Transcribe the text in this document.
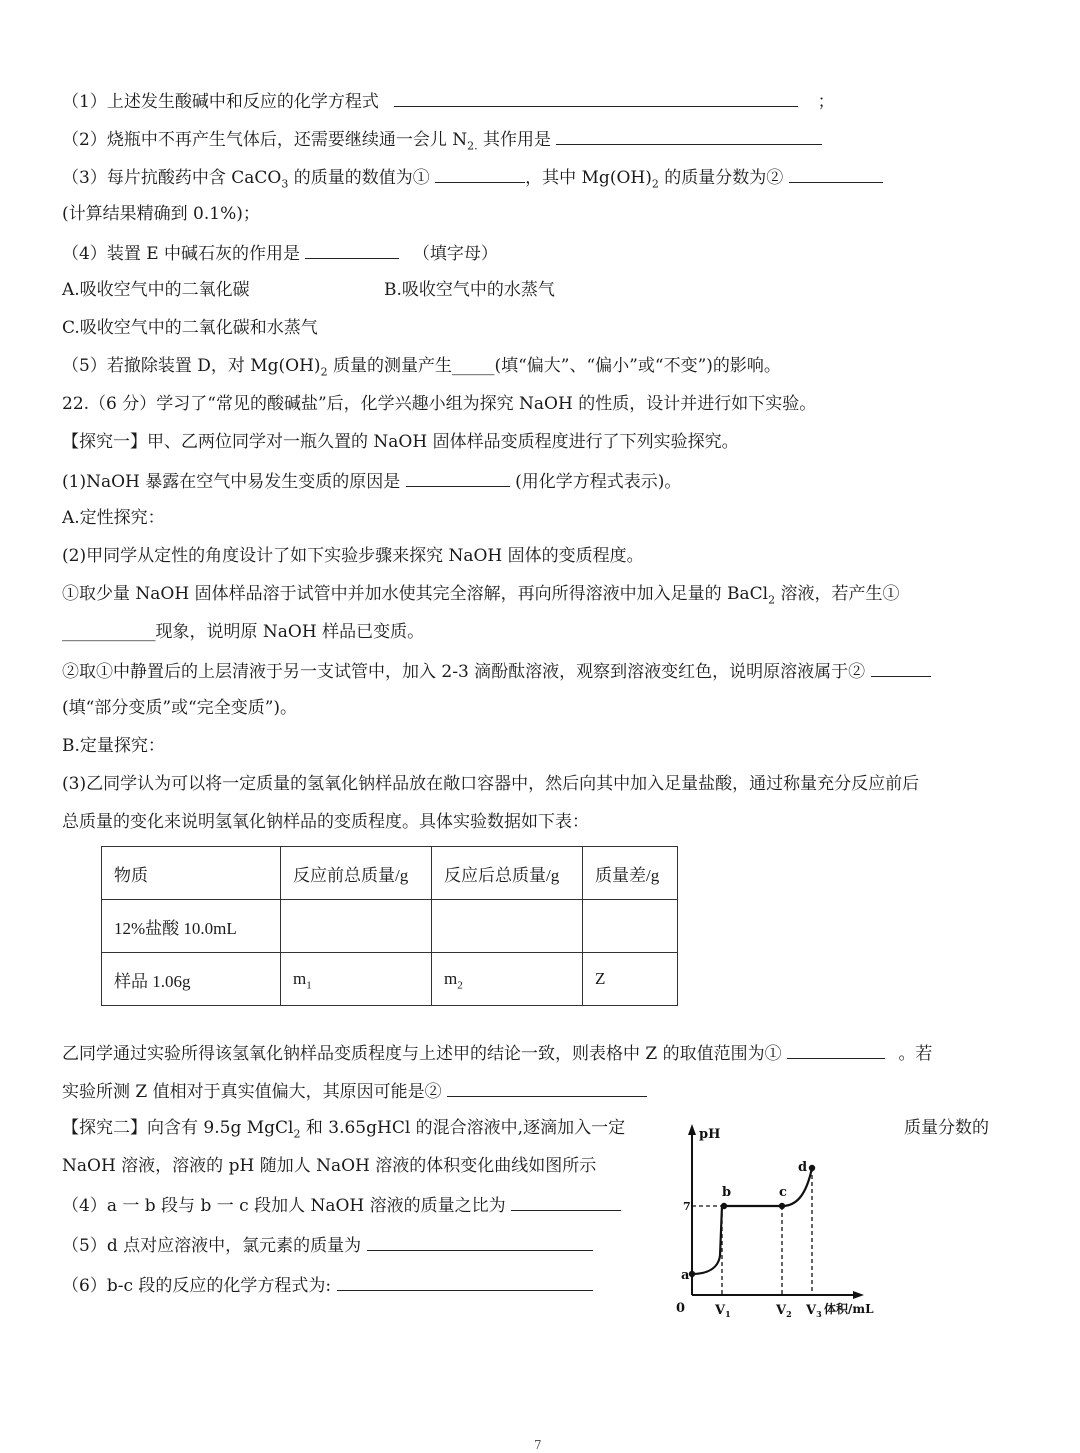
（1）上述发生酸碱中和反应的化学方程式	；
（2）烧瓶中不再产生气体后，还需要继续通一会儿 $N_{2.}$ 其作用是
（3）每片抗酸药中含 CaCO$_3$ 的质量的数值为①	，其中 $Mg(OH)_2$ 的质量分数为②
(计算结果精确到 0.1%)；
（4）装置 E 中碱石灰的作用是	（填字母）
A.吸收空气中的二氧化碳	B.吸收空气中的水蒸气
C.吸收空气中的二氧化碳和水蒸气
（5）若撤除装置 D，对 $Mg(OH)_2$ 质量的测量产生_____(填“偏大”、“偏小”或“不变”)的影响。
22.（6 分）学习了“常见的酸碱盐”后，化学兴趣小组为探究 NaOH 的性质，设计并进行如下实验。
【探究一】甲、乙两位同学对一瓶久置的 NaOH 固体样品变质程度进行了下列实验探究。
(1)NaOH 暴露在空气中易发生变质的原因是	(用化学方程式表示)。
A.定性探究：
(2)甲同学从定性的角度设计了如下实验步骤来探究 NaOH 固体的变质程度。
①取少量 NaOH 固体样品溶于试管中并加水使其完全溶解，再向所得溶液中加入足量的 BaCl$_2$ 溶液，若产生①
___________现象，说明原 NaOH 样品已变质。
②取①中静置后的上层清液于另一支试管中，加入 2-3 滴酚酞溶液，观察到溶液变红色，说明原溶液属于②
(填“部分变质”或“完全变质”)。
B.定量探究：
(3)乙同学认为可以将一定质量的氢氧化钠样品放在敞口容器中，然后向其中加入足量盐酸，通过称量充分反应前后
总质量的变化来说明氢氧化钠样品的变质程度。具体实验数据如下表：
物质	反应前总质量/g	反应后总质量/g	质量差/g
12%盐酸 10.0mL			
样品 1.06g	$m_1$	$m_2$	Z
乙同学通过实验所得该氢氧化钠样品变质程度与上述甲的结论一致，则表格中 Z 的取值范围为①	。若
实验所测 Z 值相对于真实值偏大，其原因可能是②
【探究二】向含有 9.5g MgCl$_2$ 和 3.65gHCl 的混合溶液中,逐滴加入一定	质量分数的
NaOH 溶液，溶液的 pH 随加人 NaOH 溶液的体积变化曲线如图所示
（4）a 一 b 段与 b 一 c 段加人 NaOH 溶液的质量之比为
（5）d 点对应溶液中，氯元素的质量为
（6）b-c 段的反应的化学方程式为:
pH
0
7
a
b	c
d
$V_1$	$V_2$ $V_3$ 体积/mL
7
